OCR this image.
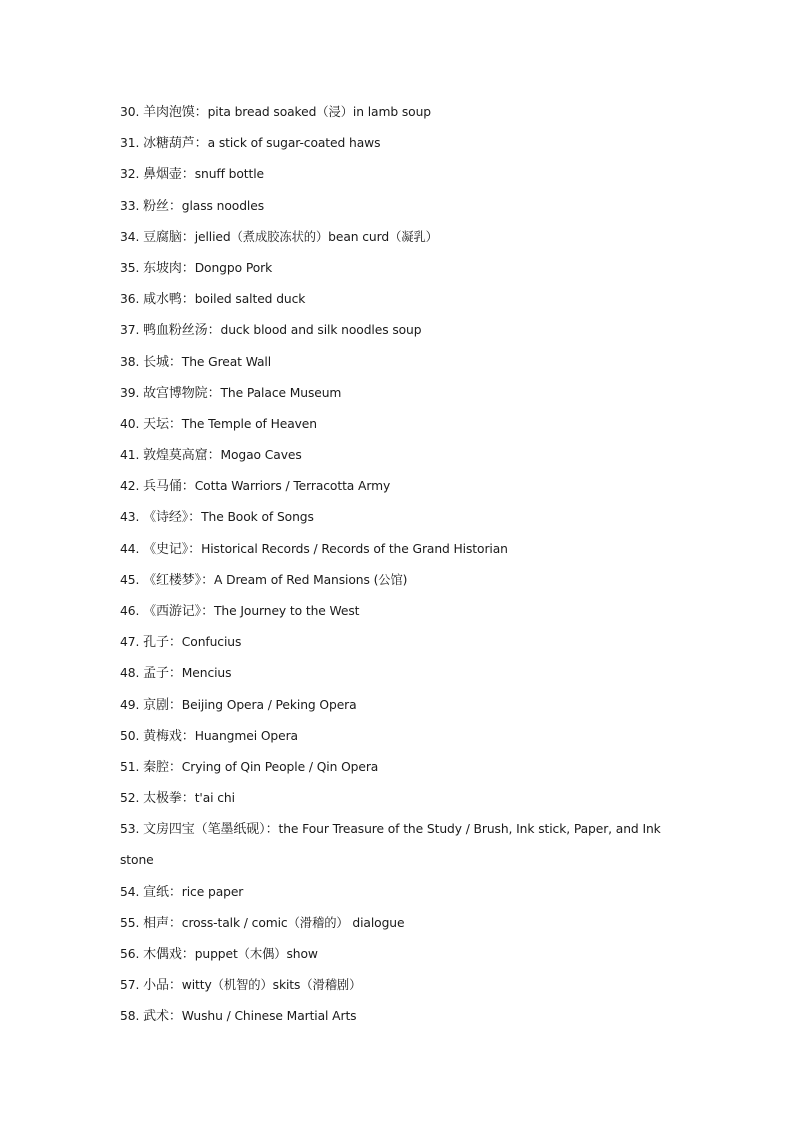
30. 羊肉泡馍：pita bread soaked（浸）in lamb soup
31. 冰糖葫芦：a stick of sugar-coated haws
32. 鼻烟壶：snuff bottle
33. 粉丝：glass noodles
34. 豆腐脑：jellied（煮成胶冻状的）bean curd（凝乳）
35. 东坡肉：Dongpo Pork
36. 咸水鸭：boiled salted duck
37. 鸭血粉丝汤：duck blood and silk noodles soup
38. 长城：The Great Wall
39. 故宫博物院：The Palace Museum
40. 天坛：The Temple of Heaven
41. 敦煌莫高窟：Mogao Caves
42. 兵马俑：Cotta Warriors / Terracotta Army
43. 《诗经》：The Book of Songs
44. 《史记》：Historical Records / Records of the Grand Historian
45. 《红楼梦》：A Dream of Red Mansions (公馆)
46. 《西游记》：The Journey to the West
47. 孔子：Confucius
48. 孟子：Mencius
49. 京剧：Beijing Opera / Peking Opera
50. 黄梅戏：Huangmei Opera
51. 秦腔：Crying of Qin People / Qin Opera
52. 太极拳：t'ai chi
53. 文房四宝（笔墨纸砚）：the Four Treasure of the Study / Brush, Ink stick, Paper, and Ink stone
54. 宣纸：rice paper
55. 相声：cross-talk / comic（滑稽的） dialogue
56. 木偶戏：puppet（木偶）show
57. 小品：witty（机智的）skits（滑稽剧）
58. 武术：Wushu / Chinese Martial Arts
